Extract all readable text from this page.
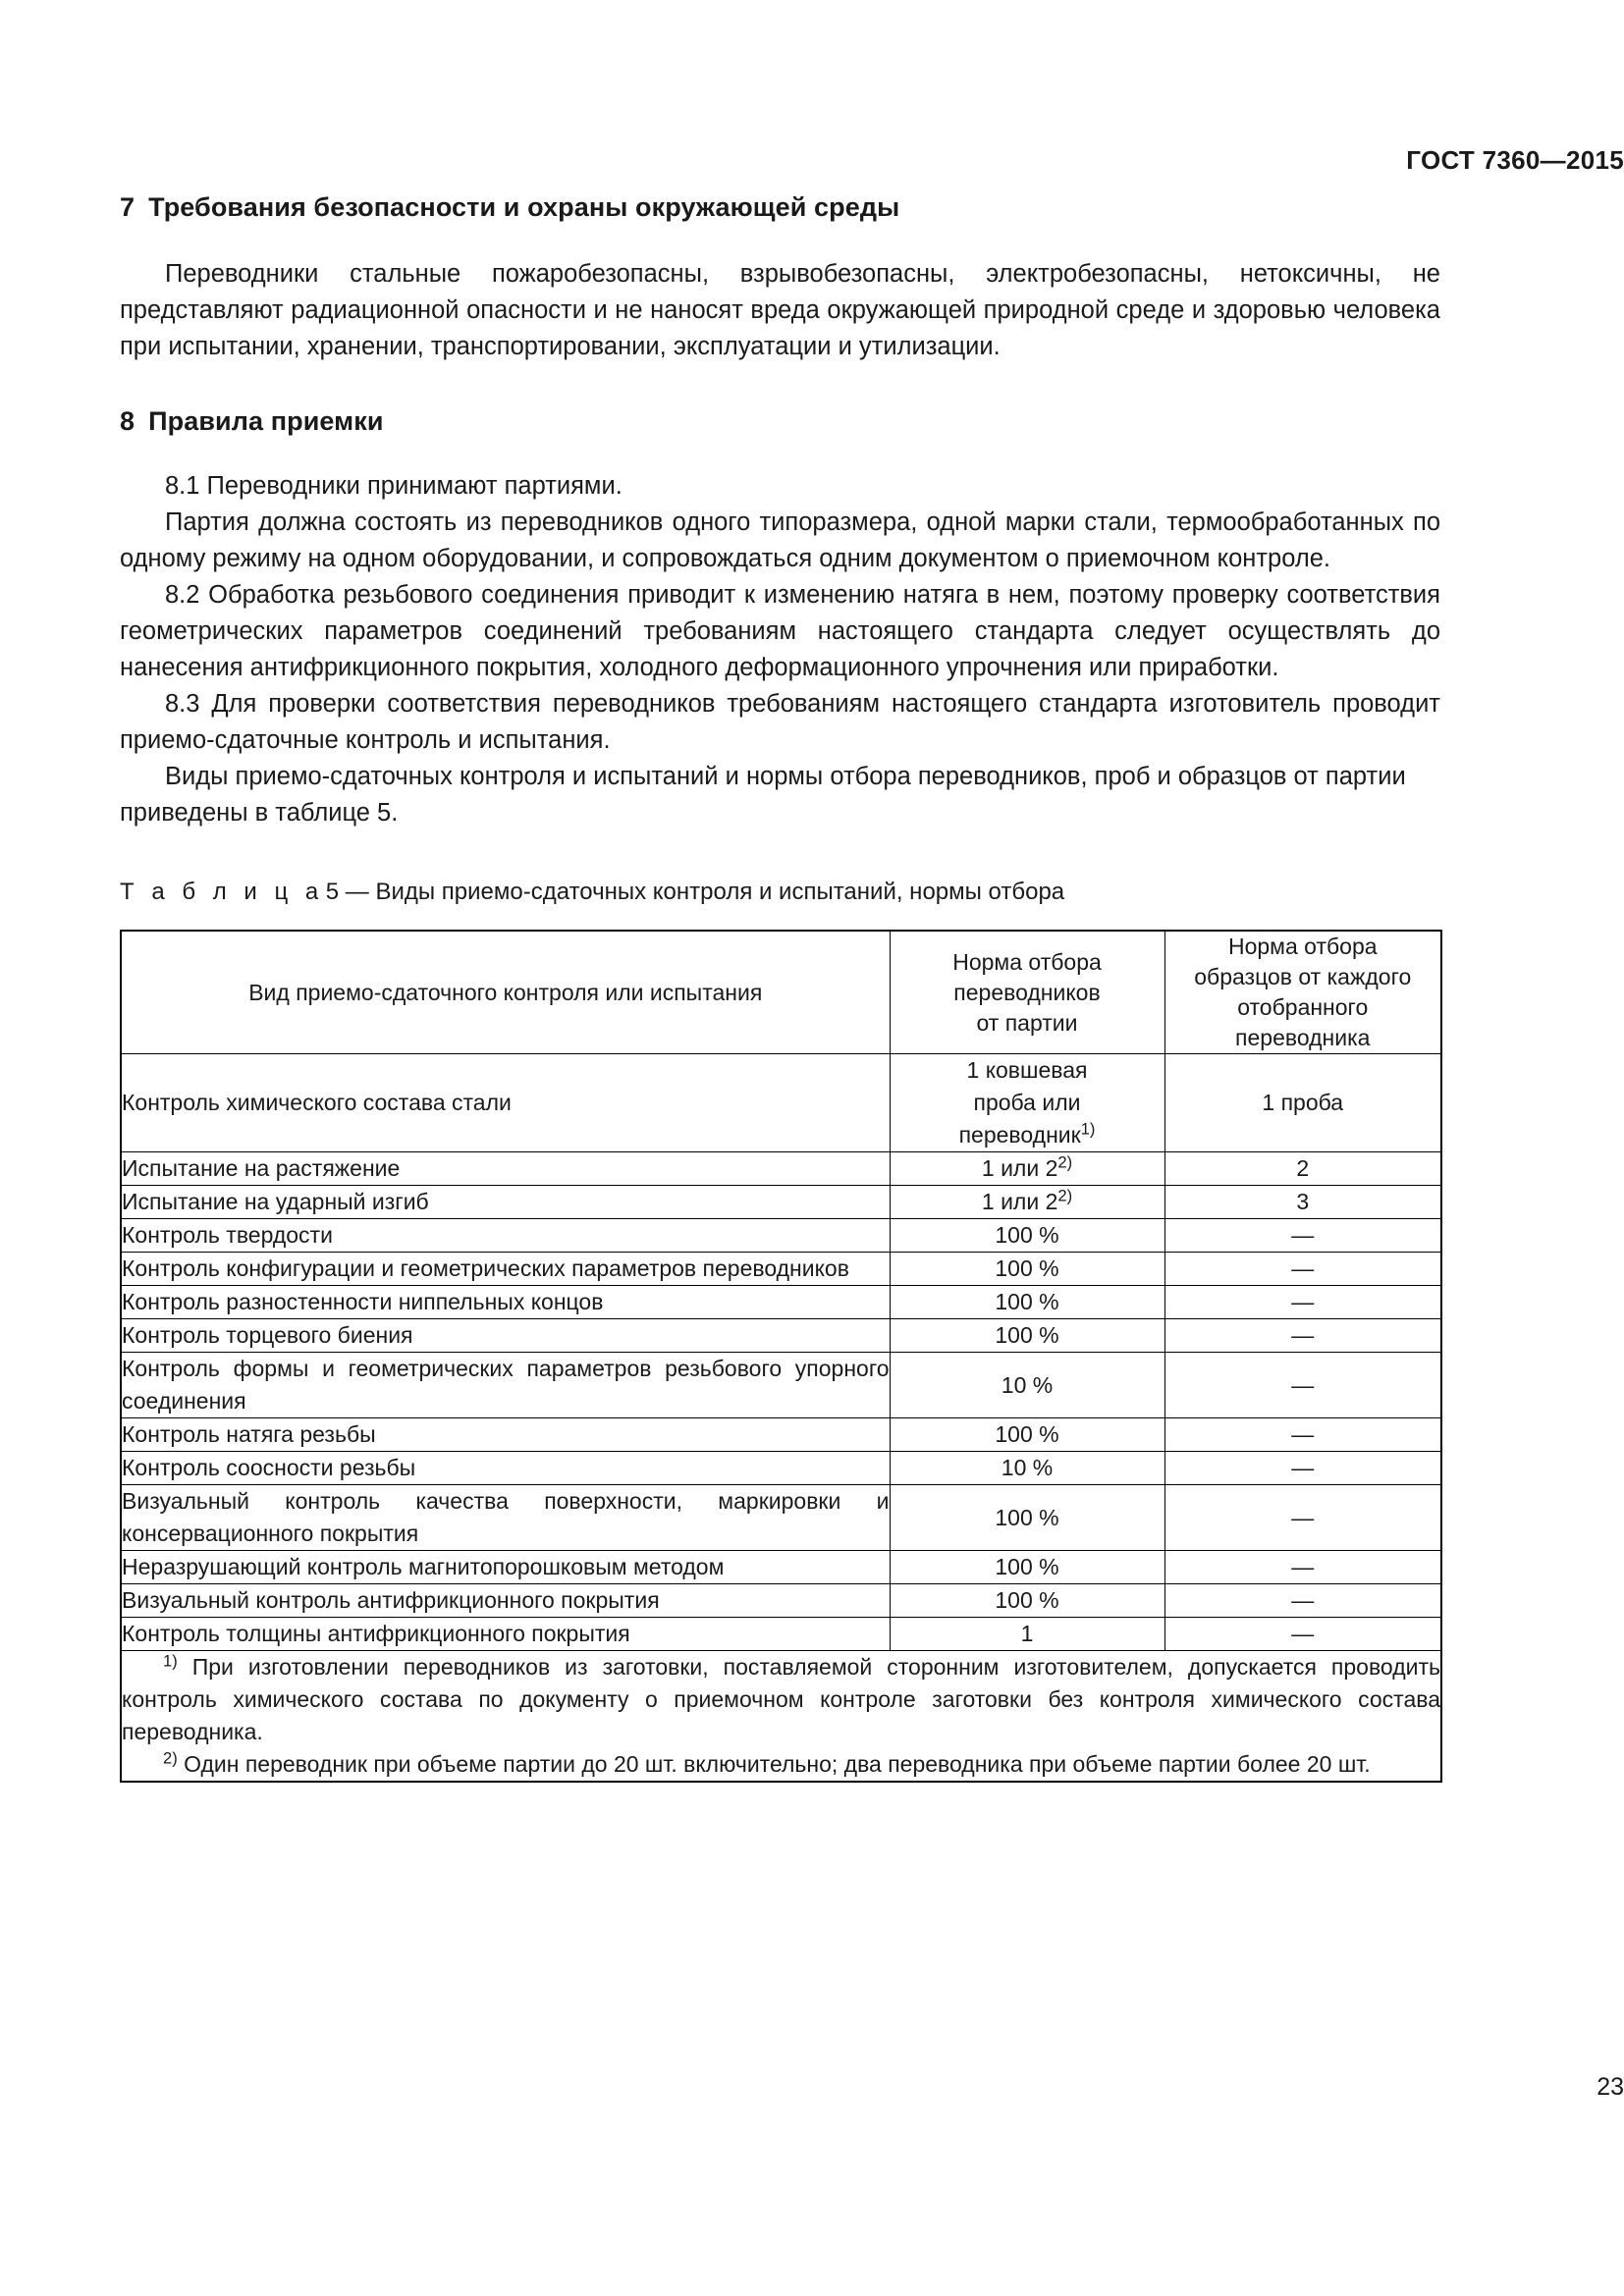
ГОСТ 7360—2015
7 Требования безопасности и охраны окружающей среды

Переводники стальные пожаробезопасны, взрывобезопасны, электробезопасны, нетоксичны, не представляют радиационной опасности и не наносят вреда окружающей природной среде и здоровью человека при испытании, хранении, транспортировании, эксплуатации и утилизации.

8 Правила приемки

8.1 Переводники принимают партиями.

Партия должна состоять из переводников одного типоразмера, одной марки стали, термообработанных по одному режиму на одном оборудовании, и сопровождаться одним документом о приемочном контроле.

8.2 Обработка резьбового соединения приводит к изменению натяга в нем, поэтому проверку соответствия геометрических параметров соединений требованиям настоящего стандарта следует осуществлять до нанесения антифрикционного покрытия, холодного деформационного упрочнения или приработки.

8.3 Для проверки соответствия переводников требованиям настоящего стандарта изготовитель проводит приемо-сдаточные контроль и испытания.

Виды приемо-сдаточных контроля и испытаний и нормы отбора переводников, проб и образцов от партии приведены в таблице 5.

Т а б л и ц а5 — Виды приемо-сдаточных контроля и испытаний, нормы отбора
Вид приемо-сдаточного контроля или испытания	Норма отбора
переводников
от партии	Норма отбора
образцов от каждого
отобранного
переводника
Контроль химического состава стали	1 ковшевая
проба или
переводник$^{1)}$	1 проба
Испытание на растяжение	1 или 2$^{2)}$	2
Испытание на ударный изгиб	1 или 2$^{2)}$	3
Контроль твердости	100 %	—
Контроль конфигурации и геометрических параметров переводников	100 %	—
Контроль разностенности ниппельных концов	100 %	—
Контроль торцевого биения	100 %	—
Контроль формы и геометрических параметров резьбового упорного соединения	10 %	—
Контроль натяга резьбы	100 %	—
Контроль соосности резьбы	10 %	—
Визуальный контроль качества поверхности, маркировки и консервационного покрытия	100 %	—
Неразрушающий контроль магнитопорошковым методом	100 %	—
Визуальный контроль антифрикционного покрытия	100 %	—
Контроль толщины антифрикционного покрытия	1	—

$^{1)}$ При изготовлении переводников из заготовки, поставляемой сторонним изготовителем, допускается проводить контроль химического состава по документу о приемочном контроле заготовки без контроля химического состава переводника.

$^{2)}$ Один переводник при объеме партии до 20 шт. включительно; два переводника при объеме партии более 20 шт.		

23
